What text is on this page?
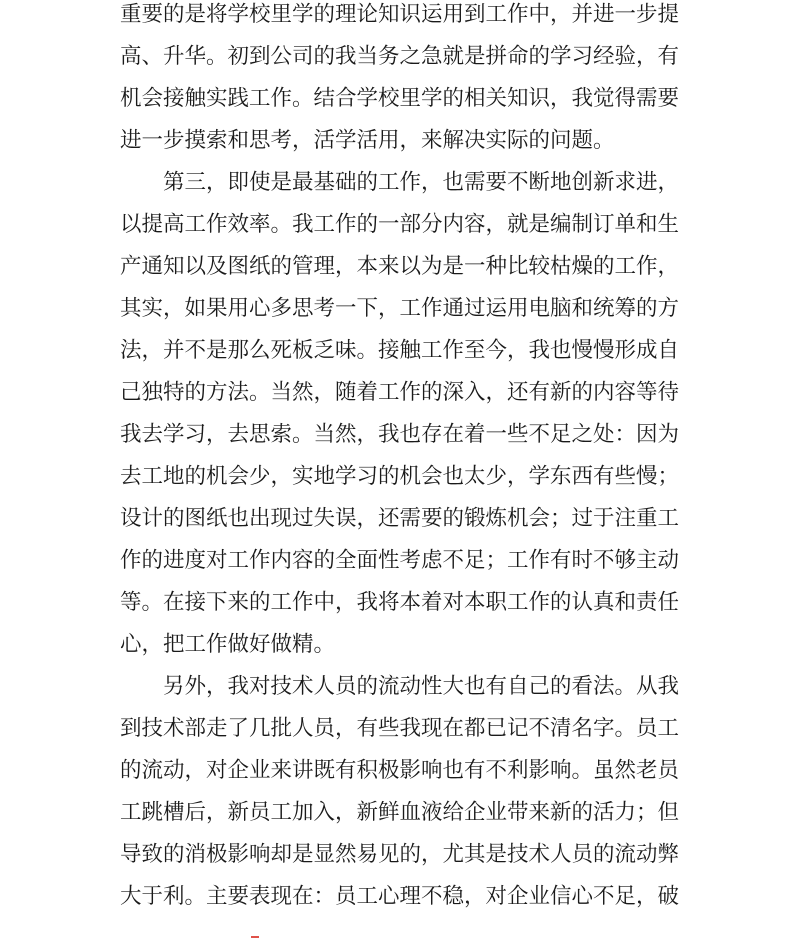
重要的是将学校里学的理论知识运用到工作中，并进一步提
高、升华。初到公司的我当务之急就是拼命的学习经验，有
机会接触实践工作。结合学校里学的相关知识，我觉得需要
进一步摸索和思考，活学活用，来解决实际的问题。
第三，即使是最基础的工作，也需要不断地创新求进，
以提高工作效率。我工作的一部分内容，就是编制订单和生
产通知以及图纸的管理，本来以为是一种比较枯燥的工作，
其实，如果用心多思考一下，工作通过运用电脑和统筹的方
法，并不是那么死板乏味。接触工作至今，我也慢慢形成自
己独特的方法。当然，随着工作的深入，还有新的内容等待
我去学习，去思索。当然，我也存在着一些不足之处：因为
去工地的机会少，实地学习的机会也太少，学东西有些慢；
设计的图纸也出现过失误，还需要的锻炼机会；过于注重工
作的进度对工作内容的全面性考虑不足；工作有时不够主动
等。在接下来的工作中，我将本着对本职工作的认真和责任
心，把工作做好做精。
另外，我对技术人员的流动性大也有自己的看法。从我
到技术部走了几批人员，有些我现在都已记不清名字。员工
的流动，对企业来讲既有积极影响也有不利影响。虽然老员
工跳槽后，新员工加入，新鲜血液给企业带来新的活力；但
导致的消极影响却是显然易见的，尤其是技术人员的流动弊
大于利。主要表现在：员工心理不稳，对企业信心不足，破
